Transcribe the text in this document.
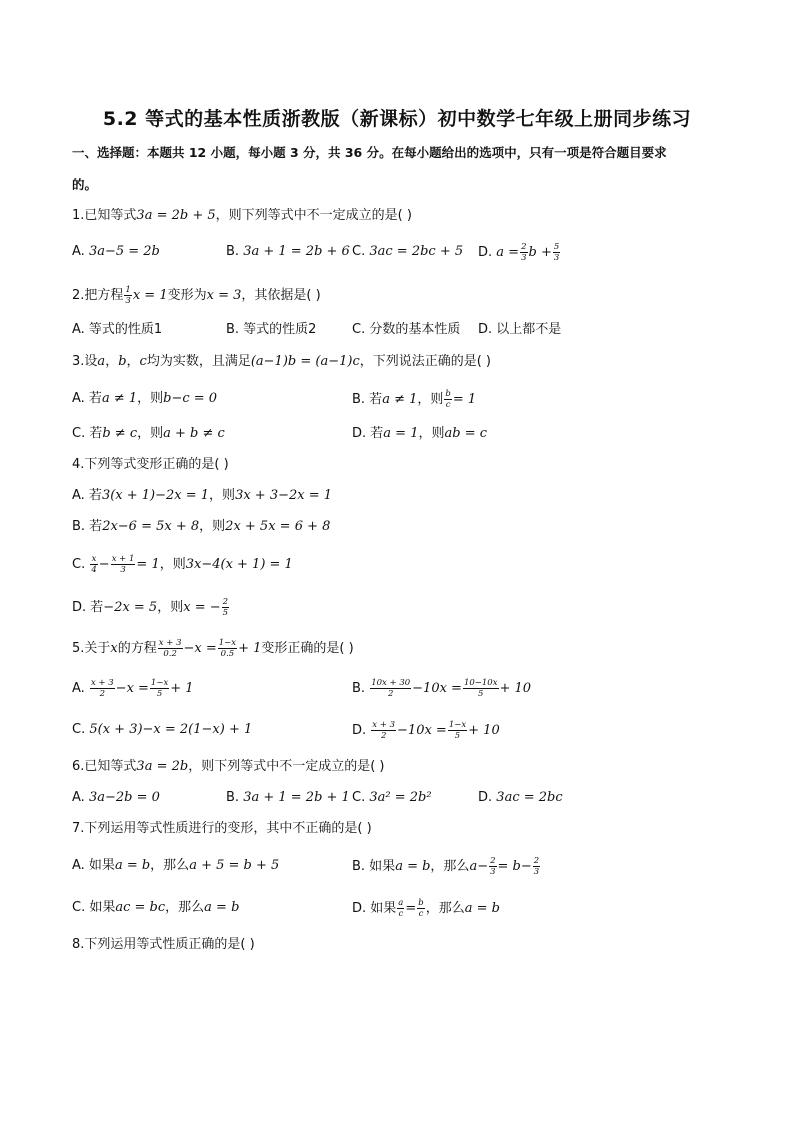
5.2 等式的基本性质浙教版（新课标）初中数学七年级上册同步练习
一、选择题：本题共 12 小题，每小题 3 分，共 36 分。在每小题给出的选项中，只有一项是符合题目要求
的。
1.已知等式3a = 2b + 5，则下列等式中不一定成立的是( )
A. 3a−5 = 2b	B. 3a + 1 = 2b + 6 C. 3ac = 2bc + 5 D. $a = \frac{2}{3}$ $b + \frac{5}{3}$
2.把方程 $\frac{1}{3}$ x = 1变形为x = 3，其依据是( )
A. 等式的性质1	B. 等式的性质2	C. 分数的基本性质 D. 以上都不是
3.设a，b，c均为实数，且满足(a−1)b = (a−1)c，下列说法正确的是( )
A. 若a ≠ 1，则b−c = 0	B. 若a ≠ 1，则 $\frac{b}{c} = 1$
C. 若b ≠ c，则a + b ≠ c	D. 若a = 1，则ab = c
4.下列等式变形正确的是( )
A. 若3(x + 1)−2x = 1，则3x + 3−2x = 1
B. 若2x−6 = 5x + 8，则2x + 5x = 6 + 8
C. $\frac{x}{4} - \frac{x + 1}{3} = 1$，则3x−4(x + 1) = 1
D. 若−2x = 5，则x = − $\frac{2}{5}$
5.关于x的方程 $\frac{x + 3}{0.2} -x = \frac{1-x}{0.5} + 1$变形正确的是( )
A. $\frac{x + 3}{2} -x = \frac{1-x}{5} + 1$	B. $\frac{10x + 30}{2} -10x = \frac{10-10x}{5} + 10$
C. 5(x + 3)−x = 2(1−x) + 1	D. $\frac{x + 3}{2} -10x = \frac{1-x}{5} + 10$
6.已知等式3a = 2b，则下列等式中不一定成立的是( )
A. 3a−2b = 0	B. 3a + 1 = 2b + 1 C. 3a² = 2b²	D. 3ac = 2bc
7.下列运用等式性质进行的变形，其中不正确的是( )
A. 如果a = b，那么a + 5 = b + 5	B. 如果a = b，那么$a- \frac{2}{3} = b- \frac{2}{3}$
C. 如果ac = bc，那么a = b	D. 如果 $\frac{a}{c} = \frac{b}{c}$ ，那么a = b
8.下列运用等式性质正确的是( )
